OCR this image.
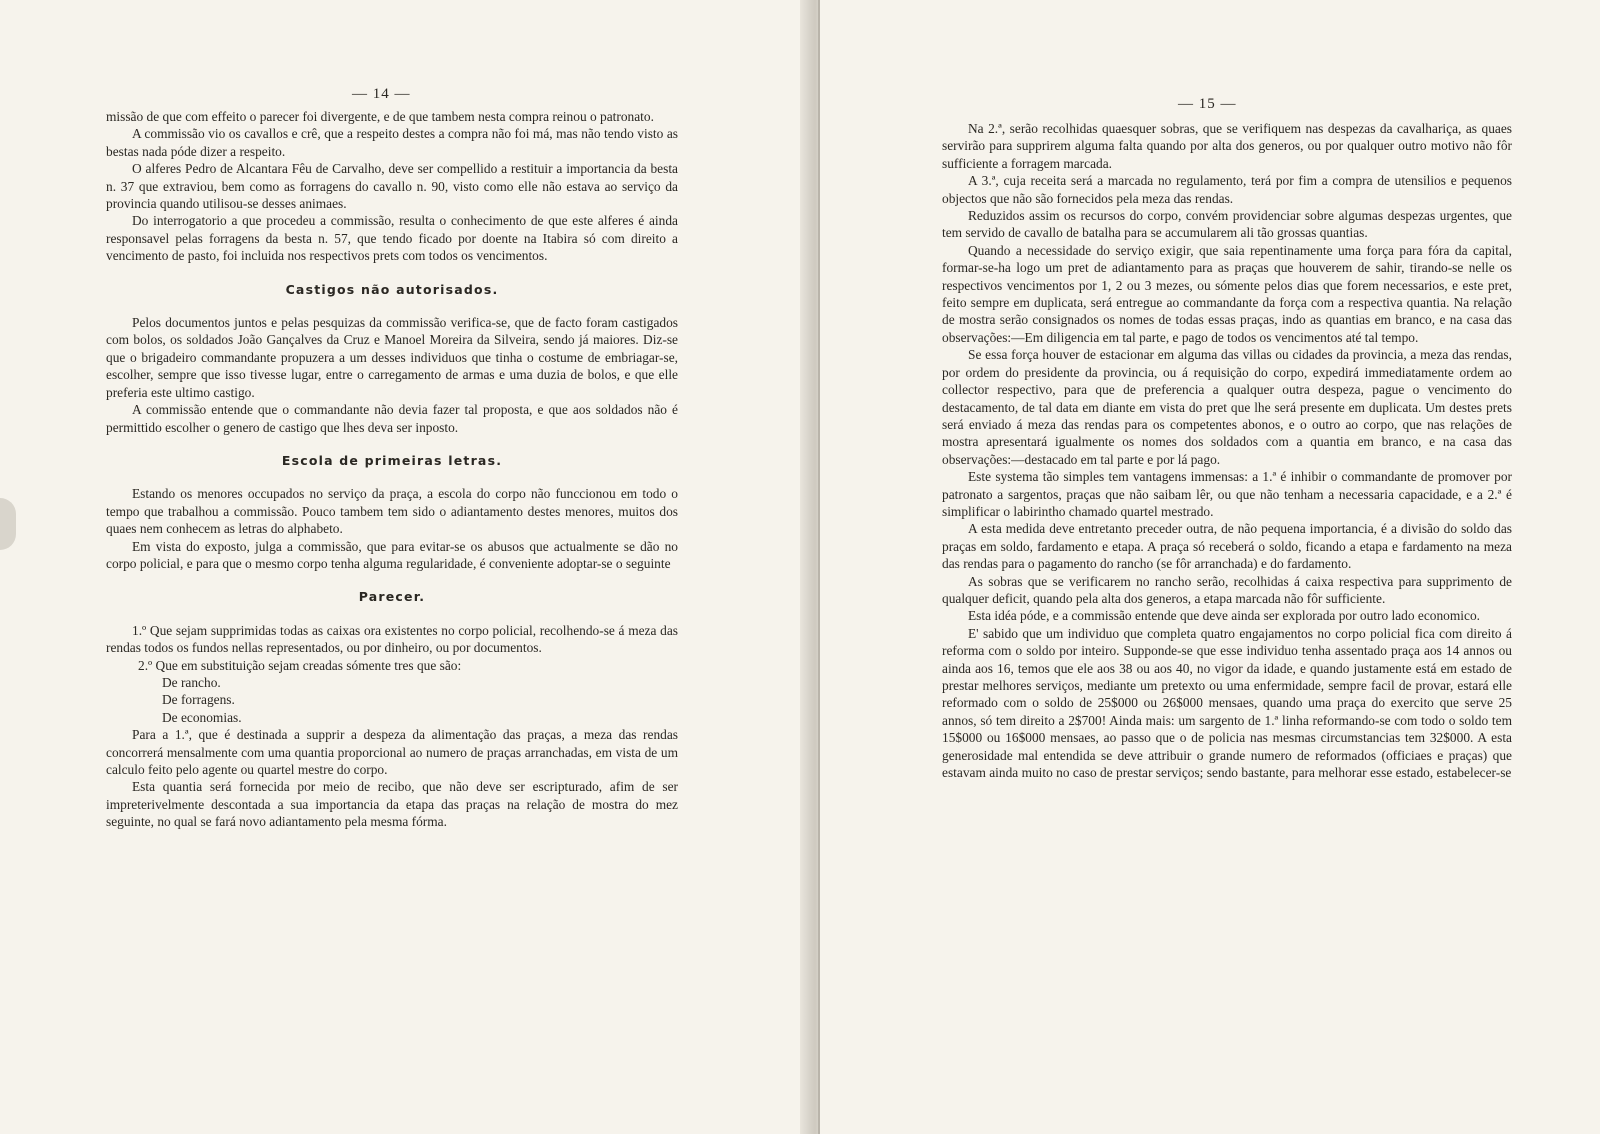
— 14 —

missão de que com effeito o parecer foi divergente, e de que tambem nesta compra reinou o patronato.

A commissão vio os cavallos e crê, que a respeito destes a compra não foi má, mas não tendo visto as bestas nada póde dizer a respeito.

O alferes Pedro de Alcantara Fêu de Carvalho, deve ser compellido a restituir a importancia da besta n. 37 que extraviou, bem como as forragens do cavallo n. 90, visto como elle não estava ao serviço da provincia quando utilisou-se desses animaes.

Do interrogatorio a que procedeu a commissão, resulta o conhecimento de que este alferes é ainda responsavel pelas forragens da besta n. 57, que tendo ficado por doente na Itabira só com direito a vencimento de pasto, foi incluida nos respectivos prets com todos os vencimentos.

Castigos não autorisados.

Pelos documentos juntos e pelas pesquizas da commissão verifica-se, que de facto foram castigados com bolos, os soldados João Gançalves da Cruz e Manoel Moreira da Silveira, sendo já maiores. Diz-se que o brigadeiro commandante propuzera a um desses individuos que tinha o costume de embriagar-se, escolher, sempre que isso tivesse lugar, entre o carregamento de armas e uma duzia de bolos, e que elle preferia este ultimo castigo.

A commissão entende que o commandante não devia fazer tal proposta, e que aos soldados não é permittido escolher o genero de castigo que lhes deva ser inposto.

Escola de primeiras letras.

Estando os menores occupados no serviço da praça, a escola do corpo não funccionou em todo o tempo que trabalhou a commissão. Pouco tambem tem sido o adiantamento destes menores, muitos dos quaes nem conhecem as letras do alphabeto.

Em vista do exposto, julga a commissão, que para evitar-se os abusos que actualmente se dão no corpo policial, e para que o mesmo corpo tenha alguma regularidade, é conveniente adoptar-se o seguinte

Parecer.

1.º Que sejam supprimidas todas as caixas ora existentes no corpo policial, recolhendo-se á meza das rendas todos os fundos nellas representados, ou por dinheiro, ou por documentos.

2.º Que em substituição sejam creadas sómente tres que são:

De rancho.

De forragens.

De economias.

Para a 1.ª, que é destinada a supprir a despeza da alimentação das praças, a meza das rendas concorrerá mensalmente com uma quantia proporcional ao numero de praças arranchadas, em vista de um calculo feito pelo agente ou quartel mestre do corpo.

Esta quantia será fornecida por meio de recibo, que não deve ser escripturado, afim de ser impreterivelmente descontada a sua importancia da etapa das praças na relação de mostra do mez seguinte, no qual se fará novo adiantamento pela mesma fórma.

— 15 —

Na 2.ª, serão recolhidas quaesquer sobras, que se verifiquem nas despezas da cavalhariça, as quaes servirão para supprirem alguma falta quando por alta dos generos, ou por qualquer outro motivo não fôr sufficiente a forragem marcada.

A 3.ª, cuja receita será a marcada no regulamento, terá por fim a compra de utensilios e pequenos objectos que não são fornecidos pela meza das rendas.

Reduzidos assim os recursos do corpo, convém providenciar sobre algumas despezas urgentes, que tem servido de cavallo de batalha para se accumularem ali tão grossas quantias.

Quando a necessidade do serviço exigir, que saia repentinamente uma força para fóra da capital, formar-se-ha logo um pret de adiantamento para as praças que houverem de sahir, tirando-se nelle os respectivos vencimentos por 1, 2 ou 3 mezes, ou sómente pelos dias que forem necessarios, e este pret, feito sempre em duplicata, será entregue ao commandante da força com a respectiva quantia. Na relação de mostra serão consignados os nomes de todas essas praças, indo as quantias em branco, e na casa das observações:—Em diligencia em tal parte, e pago de todos os vencimentos até tal tempo.

Se essa força houver de estacionar em alguma das villas ou cidades da provincia, a meza das rendas, por ordem do presidente da provincia, ou á requisição do corpo, expedirá immediatamente ordem ao collector respectivo, para que de preferencia a qualquer outra despeza, pague o vencimento do destacamento, de tal data em diante em vista do pret que lhe será presente em duplicata. Um destes prets será enviado á meza das rendas para os competentes abonos, e o outro ao corpo, que nas relações de mostra apresentará igualmente os nomes dos soldados com a quantia em branco, e na casa das observações:—destacado em tal parte e por lá pago.

Este systema tão simples tem vantagens immensas: a 1.ª é inhibir o commandante de promover por patronato a sargentos, praças que não saibam lêr, ou que não tenham a necessaria capacidade, e a 2.ª é simplificar o labirintho chamado quartel mestrado.

A esta medida deve entretanto preceder outra, de não pequena importancia, é a divisão do soldo das praças em soldo, fardamento e etapa. A praça só receberá o soldo, ficando a etapa e fardamento na meza das rendas para o pagamento do rancho (se fôr arranchada) e do fardamento.

As sobras que se verificarem no rancho serão, recolhidas á caixa respectiva para supprimento de qualquer deficit, quando pela alta dos generos, a etapa marcada não fôr sufficiente.

Esta idéa póde, e a commissão entende que deve ainda ser explorada por outro lado economico.

E' sabido que um individuo que completa quatro engajamentos no corpo policial fica com direito á reforma com o soldo por inteiro. Supponde-se que esse individuo tenha assentado praça aos 14 annos ou ainda aos 16, temos que ele aos 38 ou aos 40, no vigor da idade, e quando justamente está em estado de prestar melhores serviços, mediante um pretexto ou uma enfermidade, sempre facil de provar, estará elle reformado com o soldo de 25$000 ou 26$000 mensaes, quando uma praça do exercito que serve 25 annos, só tem direito a 2$700! Ainda mais: um sargento de 1.ª linha reformando-se com todo o soldo tem 15$000 ou 16$000 mensaes, ao passo que o de policia nas mesmas circumstancias tem 32$000. A esta generosidade mal entendida se deve attribuir o grande numero de reformados (officiaes e praças) que estavam ainda muito no caso de prestar serviços; sendo bastante, para melhorar esse estado, estabelecer-se
